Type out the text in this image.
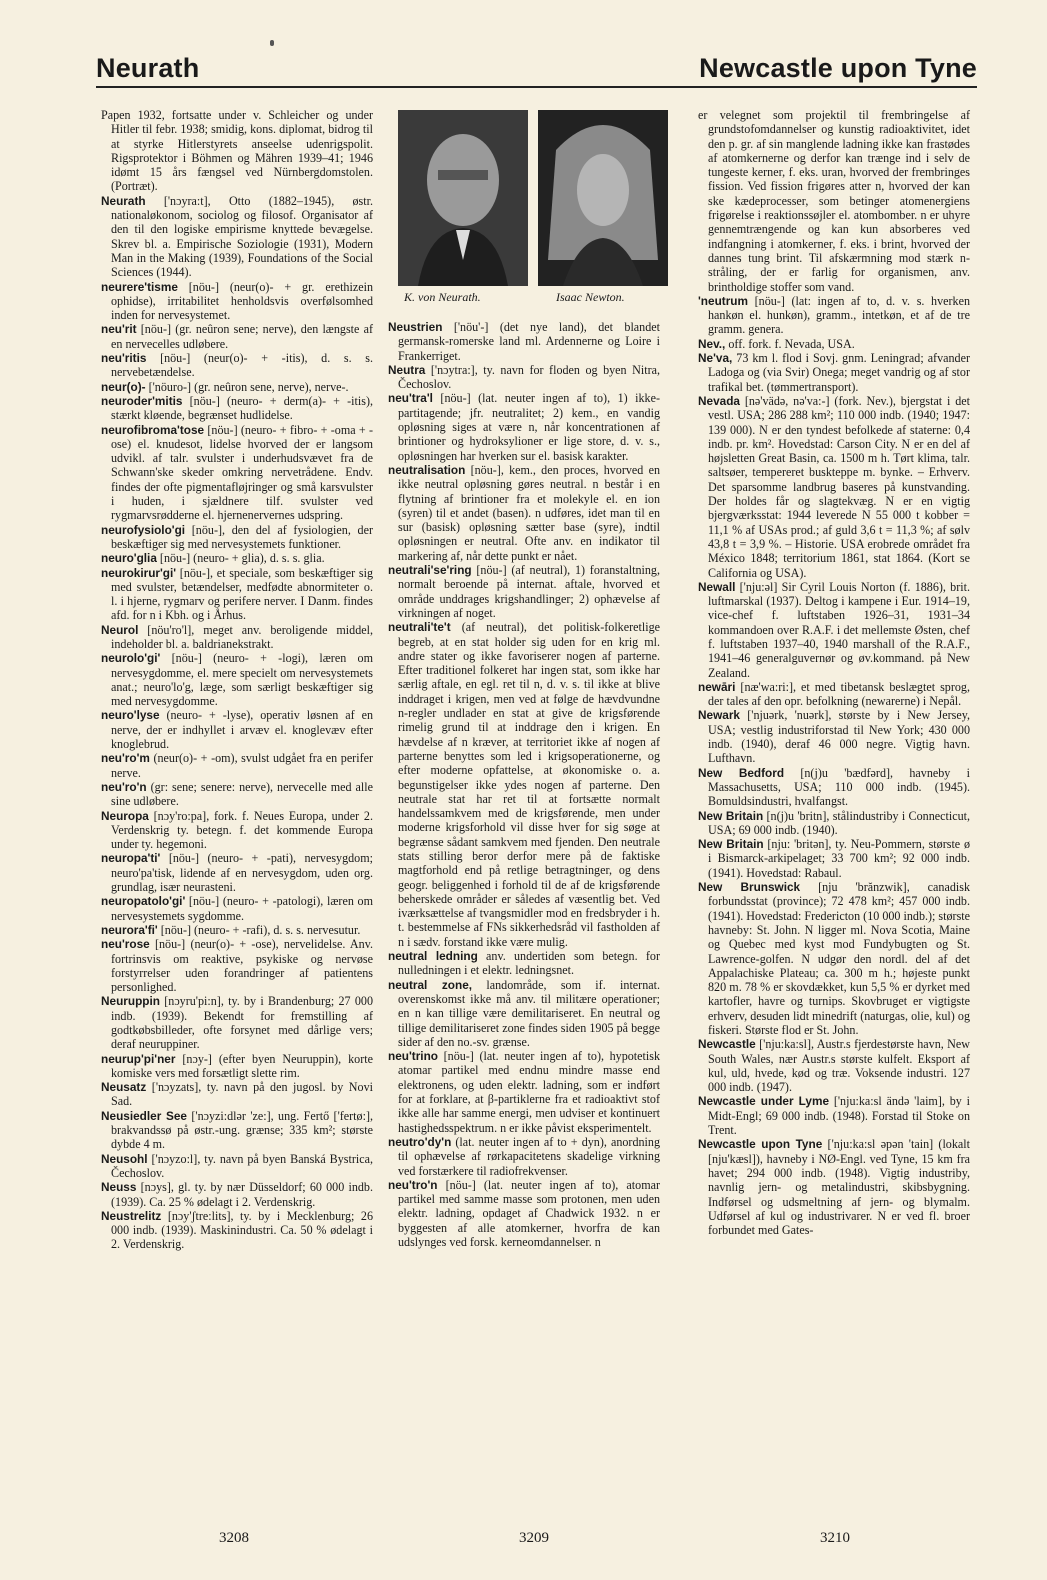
Neurath	Newcastle upon Tyne

Papen 1932, fortsatte under v. Schleicher og under Hitler til febr. 1938; smidig, kons. diplomat, bidrog til at styrke Hitlerstyrets anseelse udenrigspolit. Rigsprotektor i Böhmen og Mähren 1939–41; 1946 idømt 15 års fængsel ved Nürnbergdomstolen. (Portræt).

Neurath ['nɔyra:t], Otto (1882–1945), østr. nationaløkonom, sociolog og filosof. Organisator af den til den logiske empirisme knyttede bevægelse. Skrev bl. a. Empirische Soziologie (1931), Modern Man in the Making (1939), Foundations of the Social Sciences (1944).

neurere'tisme [nöu-] (neur(o)- + gr. erethizein ophidse), irritabilitet henholdsvis overfølsomhed inden for nervesystemet.

neu'rit [nöu-] (gr. neûron sene; nerve), den længste af en nervecelles udløbere.

neu'ritis [nöu-] (neur(o)- + -itis), d. s. s. nervebetændelse.

neur(o)- ['nöuro-] (gr. neûron sene, nerve), nerve-.

neuroder'mitis [nöu-] (neuro- + derm(a)- + -itis), stærkt kløende, begrænset hudlidelse.

neurofibroma'tose [nöu-] (neuro- + fibro- + -oma + -ose) el. knudesot, lidelse hvorved der er langsom udvikl. af talr. svulster i underhudsvævet fra de Schwann'ske skeder omkring nervetrådene. Endv. findes der ofte pigmentafløjringer og små karsvulster i huden, i sjældnere tilf. svulster ved rygmarvsrødderne el. hjernenervernes udspring.

neurofysiolo'gi [nöu-], den del af fysiologien, der beskæftiger sig med nervesystemets funktioner.

neuro'glia [nöu-] (neuro- + glia), d. s. s. glia.

neurokirur'gi' [nöu-], et speciale, som beskæftiger sig med svulster, betændelser, medfødte abnormiteter o. l. i hjerne, rygmarv og perifere nerver. I Danm. findes afd. for n i Kbh. og i Århus.

Neurol [nöu'ro'l], meget anv. beroligende middel, indeholder bl. a. baldrianekstrakt.

neurolo'gi' [nöu-] (neuro- + -logi), læren om nervesygdomme, el. mere specielt om nervesystemets anat.; neuro'lo'g, læge, som særligt beskæftiger sig med nervesygdomme.

neuro'lyse (neuro- + -lyse), operativ løsnen af en nerve, der er indhyllet i arvæv el. knoglevæv efter knoglebrud.

neu'ro'm (neur(o)- + -om), svulst udgået fra en perifer nerve.

neu'ro'n (gr: sene; senere: nerve), nervecelle med alle sine udløbere.

Neuropa [nɔy'ro:pa], fork. f. Neues Europa, under 2. Verdenskrig ty. betegn. f. det kommende Europa under ty. hegemoni.

neuropa'ti' [nöu-] (neuro- + -pati), nervesygdom; neuro'pa'tisk, lidende af en nervesygdom, uden org. grundlag, især neurasteni.

neuropatolo'gi' [nöu-] (neuro- + -patologi), læren om nervesystemets sygdomme.

neurora'fi' [nöu-] (neuro- + -rafi), d. s. s. nervesutur.

neu'rose [nöu-] (neur(o)- + -ose), nervelidelse. Anv. fortrinsvis om reaktive, psykiske og nervøse forstyrrelser uden forandringer af patientens personlighed.

Neuruppin [nɔyru'pi:n], ty. by i Brandenburg; 27 000 indb. (1939). Bekendt for fremstilling af godtkøbsbilleder, ofte forsynet med dårlige vers; deraf neuruppiner.

neurup'pi'ner [nɔy-] (efter byen Neuruppin), korte komiske vers med forsætligt slette rim.

Neusatz ['nɔyzats], ty. navn på den jugosl. by Novi Sad.

Neusiedler See ['nɔyzi:dlər 'ze:], ung. Fertő ['fertø:], brakvandssø på østr.-ung. grænse; 335 km²; største dybde 4 m.

Neusohl ['nɔyzo:l], ty. navn på byen Banská Bystrica, Čechoslov.

Neuss [nɔys], gl. ty. by nær Düsseldorf; 60 000 indb. (1939). Ca. 25 % ødelagt i 2. Verdenskrig.

Neustrelitz [nɔy'ʃtre:lits], ty. by i Mecklenburg; 26 000 indb. (1939). Maskinindustri. Ca. 50 % ødelagt i 2. Verdenskrig.

K. von Neurath.	Isaac Newton.

Neustrien ['nöu'-] (det nye land), det blandet germansk-romerske land ml. Ardennerne og Loire i Frankerriget.

Neutra ['nɔytra:], ty. navn for floden og byen Nitra, Čechoslov.

neu'tra'l [nöu-] (lat. neuter ingen af to), 1) ikke-partitagende; jfr. neutralitet; 2) kem., en vandig opløsning siges at være n, når koncentrationen af brintioner og hydroksylioner er lige store, d. v. s., opløsningen har hverken sur el. basisk karakter.

neutralisation [nöu-], kem., den proces, hvorved en ikke neutral opløsning gøres neutral. n består i en flytning af brintioner fra et molekyle el. en ion (syren) til et andet (basen). n udføres, idet man til en sur (basisk) opløsning sætter base (syre), indtil opløsningen er neutral. Ofte anv. en indikator til markering af, når dette punkt er nået.

neutrali'se'ring [nöu-] (af neutral), 1) foranstaltning, normalt beroende på internat. aftale, hvorved et område unddrages krigshandlinger; 2) ophævelse af virkningen af noget.

neutrali'te't (af neutral), det politisk-folkeretlige begreb, at en stat holder sig uden for en krig ml. andre stater og ikke favoriserer nogen af parterne. Efter traditionel folkeret har ingen stat, som ikke har særlig aftale, en egl. ret til n, d. v. s. til ikke at blive inddraget i krigen, men ved at følge de hævdvundne n-regler undlader en stat at give de krigsførende rimelig grund til at inddrage den i krigen. En hævdelse af n kræver, at territoriet ikke af nogen af parterne benyttes som led i krigsoperationerne, og efter moderne opfattelse, at økonomiske o. a. begunstigelser ikke ydes nogen af parterne. Den neutrale stat har ret til at fortsætte normalt handelssamkvem med de krigsførende, men under moderne krigsforhold vil disse hver for sig søge at begrænse sådant samkvem med fjenden. Den neutrale stats stilling beror derfor mere på de faktiske magtforhold end på retlige betragtninger, og dens geogr. beliggenhed i forhold til de af de krigsførende beherskede områder er således af væsentlig bet. Ved iværksættelse af tvangsmidler mod en fredsbryder i h. t. bestemmelse af FNs sikkerhedsråd vil fastholden af n i sædv. forstand ikke være mulig.

neutral ledning anv. undertiden som betegn. for nulledningen i et elektr. ledningsnet.

neutral zone, landområde, som if. internat. overenskomst ikke må anv. til militære operationer; en n kan tillige være demilitariseret. En neutral og tillige demilitariseret zone findes siden 1905 på begge sider af den no.-sv. grænse.

neu'trino [nöu-] (lat. neuter ingen af to), hypotetisk atomar partikel med endnu mindre masse end elektronens, og uden elektr. ladning, som er indført for at forklare, at β-partiklerne fra et radioaktivt stof ikke alle har samme energi, men udviser et kontinuert hastighedsspektrum. n er ikke påvist eksperimentelt.

neutro'dy'n (lat. neuter ingen af to + dyn), anordning til ophævelse af rørkapacitetens skadelige virkning ved forstærkere til radiofrekvenser.

neu'tro'n [nöu-] (lat. neuter ingen af to), atomar partikel med samme masse som protonen, men uden elektr. ladning, opdaget af Chadwick 1932. n er byggesten af alle atomkerner, hvorfra de kan udslynges ved forsk. kerneomdannelser. n

er velegnet som projektil til frembringelse af grundstofomdannelser og kunstig radioaktivitet, idet den p. gr. af sin manglende ladning ikke kan frastødes af atomkernerne og derfor kan trænge ind i selv de tungeste kerner, f. eks. uran, hvorved der frembringes fission. Ved fission frigøres atter n, hvorved der kan ske kædeprocesser, som betinger atomenergiens frigørelse i reaktionssøjler el. atombomber. n er uhyre gennemtrængende og kan kun absorberes ved indfangning i atomkerner, f. eks. i brint, hvorved der dannes tung brint. Til afskærmning mod stærk n-stråling, der er farlig for organismen, anv. brintholdige stoffer som vand.

'neutrum [nöu-] (lat: ingen af to, d. v. s. hverken hankøn el. hunkøn), gramm., intetkøn, et af de tre gramm. genera.

Nev., off. fork. f. Nevada, USA.

Ne'va, 73 km l. flod i Sovj. gnm. Leningrad; afvander Ladoga og (via Svir) Onega; meget vandrig og af stor trafikal bet. (tømmertransport).

Nevada [nə'vädə, nə'va:-] (fork. Nev.), bjergstat i det vestl. USA; 286 288 km²; 110 000 indb. (1940; 1947: 139 000). N er den tyndest befolkede af staterne: 0,4 indb. pr. km². Hovedstad: Carson City. N er en del af højsletten Great Basin, ca. 1500 m h. Tørt klima, talr. saltsøer, tempereret buskteppe m. bynke. – Erhverv. Det sparsomme landbrug baseres på kunstvanding. Der holdes får og slagtekvæg. N er en vigtig bjergværksstat: 1944 leverede N 55 000 t kobber = 11,1 % af USAs prod.; af guld 3,6 t = 11,3 %; af sølv 43,8 t = 3,9 %. – Historie. USA erobrede området fra México 1848; territorium 1861, stat 1864. (Kort se California og USA).

Newall ['nju:əl] Sir Cyril Louis Norton (f. 1886), brit. luftmarskal (1937). Deltog i kampene i Eur. 1914–19, vice-chef f. luftstaben 1926–31, 1931–34 kommandoen over R.A.F. i det mellemste Østen, chef f. luftstaben 1937–40, 1940 marshall of the R.A.F., 1941–46 generalguvernør og øv.kommand. på New Zealand.

newāri [næ'wa:ri:], et med tibetansk beslægtet sprog, der tales af den opr. befolkning (newarerne) i Nepål.

Newark ['njuərk, 'nuərk], største by i New Jersey, USA; vestlig industriforstad til New York; 430 000 indb. (1940), deraf 46 000 negre. Vigtig havn. Lufthavn.

New Bedford [n(j)u 'bædfərd], havneby i Massachusetts, USA; 110 000 indb. (1945). Bomuldsindustri, hvalfangst.

New Britain [n(j)u 'britn], stålindustriby i Connecticut, USA; 69 000 indb. (1940).

New Britain [nju: 'britən], ty. Neu-Pommern, største ø i Bismarck-arkipelaget; 33 700 km²; 92 000 indb. (1941). Hovedstad: Rabaul.

New Brunswick [nju 'brănzwik], canadisk forbundsstat (province); 72 478 km²; 457 000 indb. (1941). Hovedstad: Fredericton (10 000 indb.); største havneby: St. John. N ligger ml. Nova Scotia, Maine og Quebec med kyst mod Fundybugten og St. Lawrence-golfen. N udgør den nordl. del af det Appalachiske Plateau; ca. 300 m h.; højeste punkt 820 m. 78 % er skovdækket, kun 5,5 % er dyrket med kartofler, havre og turnips. Skovbruget er vigtigste erhverv, desuden lidt minedrift (naturgas, olie, kul) og fiskeri. Største flod er St. John.

Newcastle ['nju:ka:sl], Austr.s fjerdestørste havn, New South Wales, nær Austr.s største kulfelt. Eksport af kul, uld, hvede, kød og træ. Voksende industri. 127 000 indb. (1947).

Newcastle under Lyme ['nju:ka:sl ändə 'laim], by i Midt-Engl; 69 000 indb. (1948). Forstad til Stoke on Trent.

Newcastle upon Tyne ['nju:ka:sl əpən 'tain] (lokalt [nju'kæsl]), havneby i NØ-Engl. ved Tyne, 15 km fra havet; 294 000 indb. (1948). Vigtig industriby, navnlig jern- og metalindustri, skibsbygning. Indførsel og udsmeltning af jern- og blymalm. Udførsel af kul og industrivarer. N er ved fl. broer forbundet med Gates-

3208	3209	3210
